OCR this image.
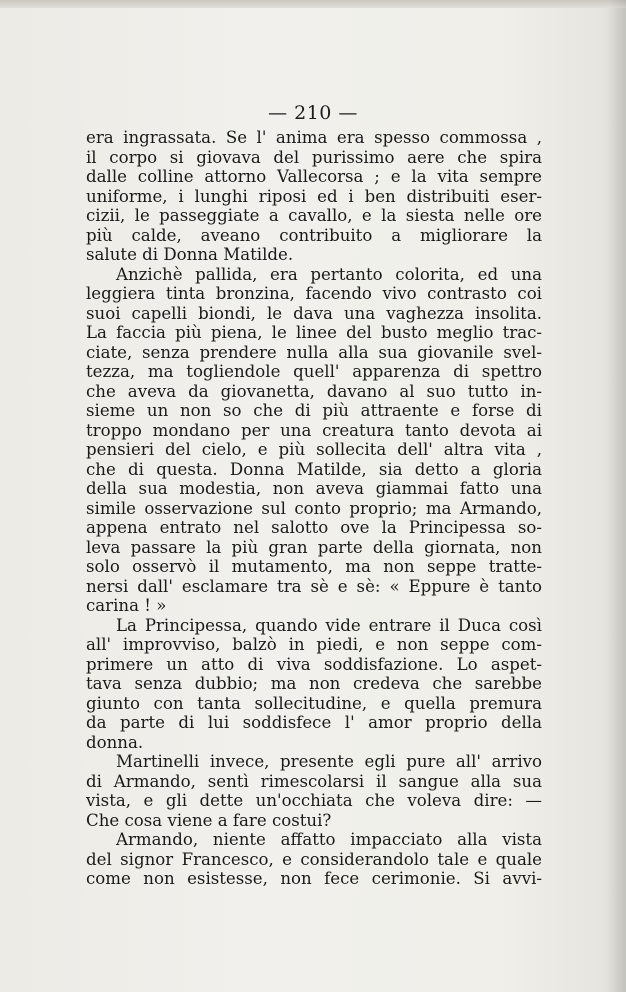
— 210 —
era ingrassata. Se l' anima era spesso commossa ,
il corpo si giovava del purissimo aere che spira
dalle colline attorno Vallecorsa ; e la vita sempre
uniforme, i lunghi riposi ed i ben distribuiti eser-
cizii, le passeggiate a cavallo, e la siesta nelle ore
più calde, aveano contribuito a migliorare la
salute di Donna Matilde.
Anzichè pallida, era pertanto colorita, ed una
leggiera tinta bronzina, facendo vivo contrasto coi
suoi capelli biondi, le dava una vaghezza insolita.
La faccia più piena, le linee del busto meglio trac-
ciate, senza prendere nulla alla sua giovanile svel-
tezza, ma togliendole quell' apparenza di spettro
che aveva da giovanetta, davano al suo tutto in-
sieme un non so che di più attraente e forse di
troppo mondano per una creatura tanto devota ai
pensieri del cielo, e più sollecita dell' altra vita ,
che di questa. Donna Matilde, sia detto a gloria
della sua modestia, non aveva giammai fatto una
simile osservazione sul conto proprio; ma Armando,
appena entrato nel salotto ove la Principessa so-
leva passare la più gran parte della giornata, non
solo osservò il mutamento, ma non seppe tratte-
nersi dall' esclamare tra sè e sè: « Eppure è tanto
carina ! »
La Principessa, quando vide entrare il Duca così
all' improvviso, balzò in piedi, e non seppe com-
primere un atto di viva soddisfazione. Lo aspet-
tava senza dubbio; ma non credeva che sarebbe
giunto con tanta sollecitudine, e quella premura
da parte di lui soddisfece l' amor proprio della
donna.
Martinelli invece, presente egli pure all' arrivo
di Armando, sentì rimescolarsi il sangue alla sua
vista, e gli dette un'occhiata che voleva dire: —
Che cosa viene a fare costui?
Armando, niente affatto impacciato alla vista
del signor Francesco, e considerandolo tale e quale
come non esistesse, non fece cerimonie. Si avvi-
